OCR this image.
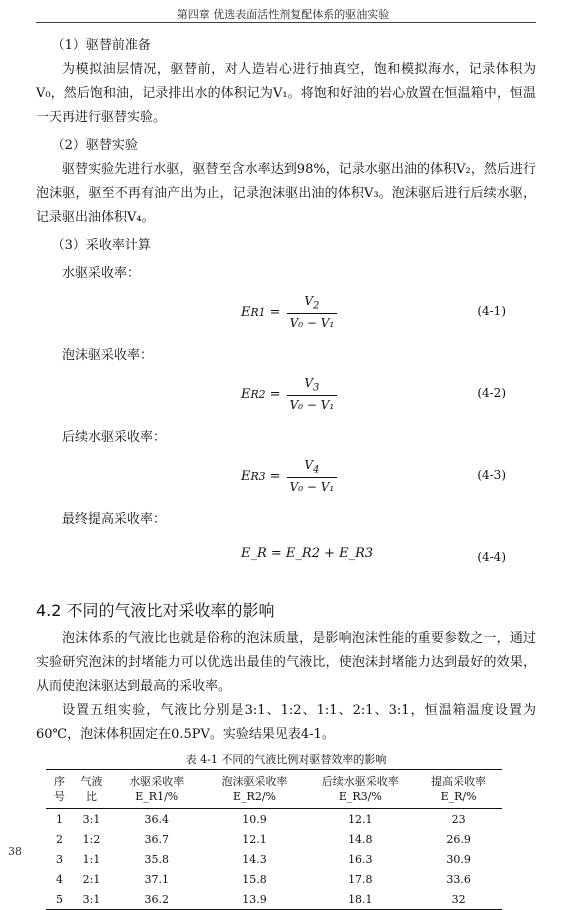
第四章 优选表面活性剂复配体系的驱油实验

（1）驱替前准备

为模拟油层情况，驱替前，对人造岩心进行抽真空，饱和模拟海水，记录体积为V₀，然后饱和油，记录排出水的体积记为V₁。将饱和好油的岩心放置在恒温箱中，恒温一天再进行驱替实验。

（2）驱替实验

驱替实验先进行水驱，驱替至含水率达到98%，记录水驱出油的体积V₂，然后进行泡沫驱，驱至不再有油产出为止，记录泡沫驱出油的体积V₃。泡沫驱后进行后续水驱，记录驱出油体积V₄。

（3）采收率计算

水驱采收率：

E $R1 = \frac{V_2}{\text{V₀ − V₁}}$	(4-1)

泡沫驱采收率：

E $R2 = \frac{V_3}{\text{V₀ − V₁}}$	(4-2)

后续水驱采收率：

E $R3 = \frac{V_4}{\text{V₀ − V₁}}$	(4-3)

最终提高采收率：

E_R = E_R2 + E_R3	(4-4)
4.2 不同的气液比对采收率的影响

泡沫体系的气液比也就是俗称的泡沫质量，是影响泡沫性能的重要参数之一，通过实验研究泡沫的封堵能力可以优选出最佳的气液比，使泡沫封堵能力达到最好的效果，从而使泡沫驱达到最高的采收率。

设置五组实验，气液比分别是3:1、1:2、1:1、2:1、3:1，恒温箱温度设置为60℃，泡沫体积固定在0.5PV。实验结果见表4-1。

表 4-1 不同的气液比例对驱替效率的影响
序号	气液比	水驱采收率 E_R1/%	泡沫驱采收率 E_R2/%	后续水驱采收率 E_R3/%	提高采收率 E_R/%
1	3:1	36.4	10.9	12.1	23
2	1:2	36.7	12.1	14.8	26.9
3	1:1	35.8	14.3	16.3	30.9
4	2:1	37.1	15.8	17.8	33.6
5	3:1	36.2	13.9	18.1	32
38
